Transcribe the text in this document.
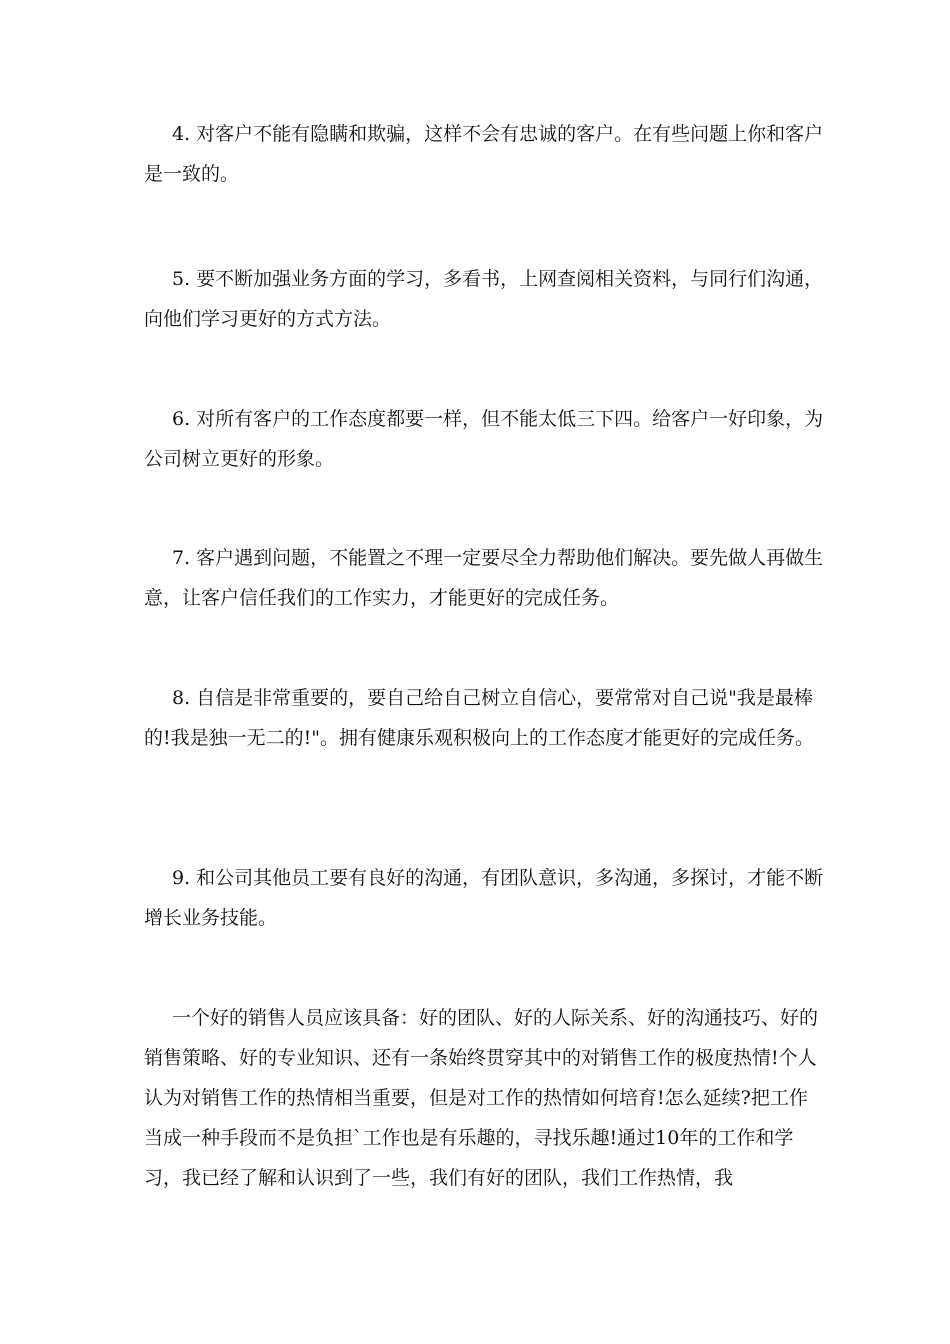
4. 对客户不能有隐瞒和欺骗，这样不会有忠诚的客户。在有些问题上你和客户是一致的。

5. 要不断加强业务方面的学习，多看书，上网查阅相关资料，与同行们沟通，向他们学习更好的方式方法。

6. 对所有客户的工作态度都要一样，但不能太低三下四。给客户一好印象，为公司树立更好的形象。

7. 客户遇到问题，不能置之不理一定要尽全力帮助他们解决。要先做人再做生意，让客户信任我们的工作实力，才能更好的完成任务。

8. 自信是非常重要的，要自己给自己树立自信心，要常常对自己说"我是最棒的!我是独一无二的!"。拥有健康乐观积极向上的工作态度才能更好的完成任务。

9. 和公司其他员工要有良好的沟通，有团队意识，多沟通，多探讨，才能不断增长业务技能。

一个好的销售人员应该具备：好的团队、好的人际关系、好的沟通技巧、好的销售策略、好的专业知识、还有一条始终贯穿其中的对销售工作的极度热情!个人认为对销售工作的热情相当重要，但是对工作的热情如何培育!怎么延续?把工作当成一种手段而不是负担`工作也是有乐趣的，寻找乐趣!通过10年的工作和学习，我已经了解和认识到了一些，我们有好的团队，我们工作热情，我
